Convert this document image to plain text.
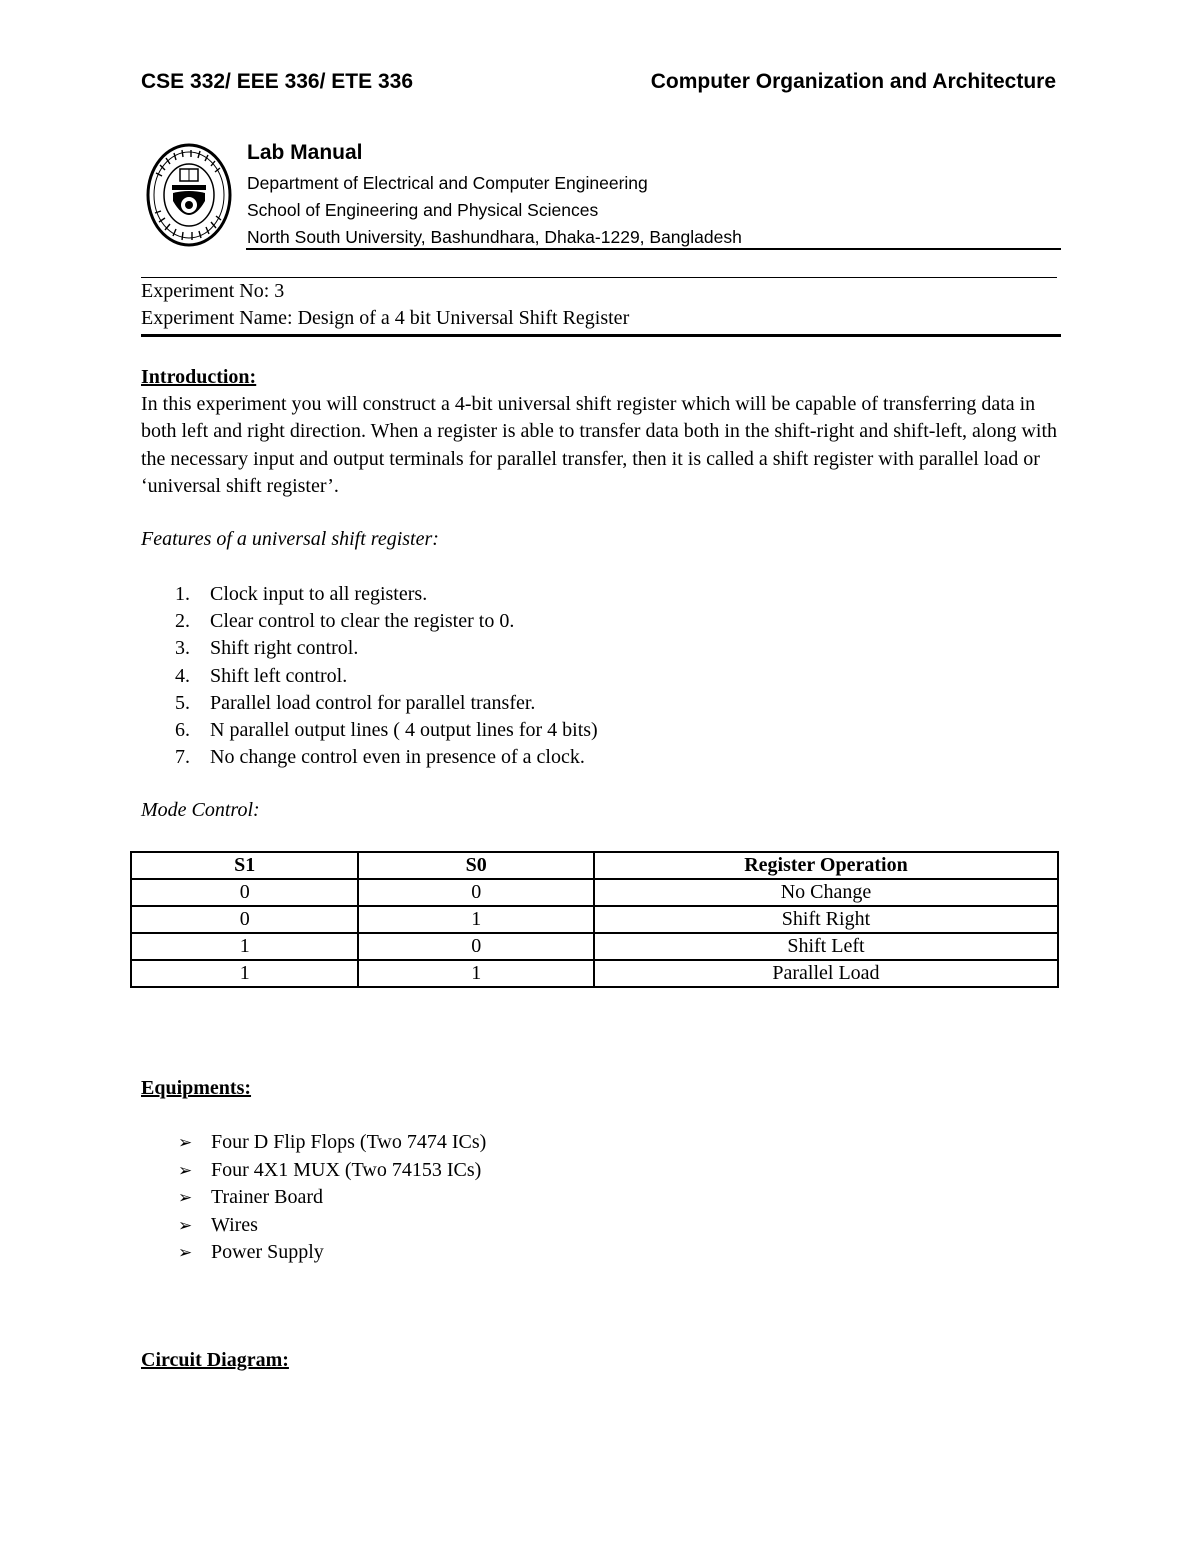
CSE 332/ EEE 336/ ETE 336	Computer Organization and Architecture
Lab Manual
Department of Electrical and Computer Engineering
School of Engineering and Physical Sciences
North South University, Bashundhara, Dhaka-1229, Bangladesh
Experiment No: 3
Experiment Name: Design of a 4 bit Universal Shift Register
Introduction:
In this experiment you will construct a 4-bit universal shift register which will be capable of transferring data in both left and right direction. When a register is able to transfer data both in the shift-right and shift-left, along with the necessary input and output terminals for parallel transfer, then it is called a shift register with parallel load or ‘universal shift register’.
Features of a universal shift register:
1. Clock input to all registers.
2. Clear control to clear the register to 0.
3. Shift right control.
4. Shift left control.
5. Parallel load control for parallel transfer.
6. N parallel output lines ( 4 output lines for 4 bits)
7. No change control even in presence of a clock.
Mode Control:
S1	S0	Register Operation
0	0	No Change
0	1	Shift Right
1	0	Shift Left
1	1	Parallel Load
Equipments:
➢ Four D Flip Flops (Two 7474 ICs)
➢ Four 4X1 MUX (Two 74153 ICs)
➢ Trainer Board
➢ Wires
➢ Power Supply
Circuit Diagram:
